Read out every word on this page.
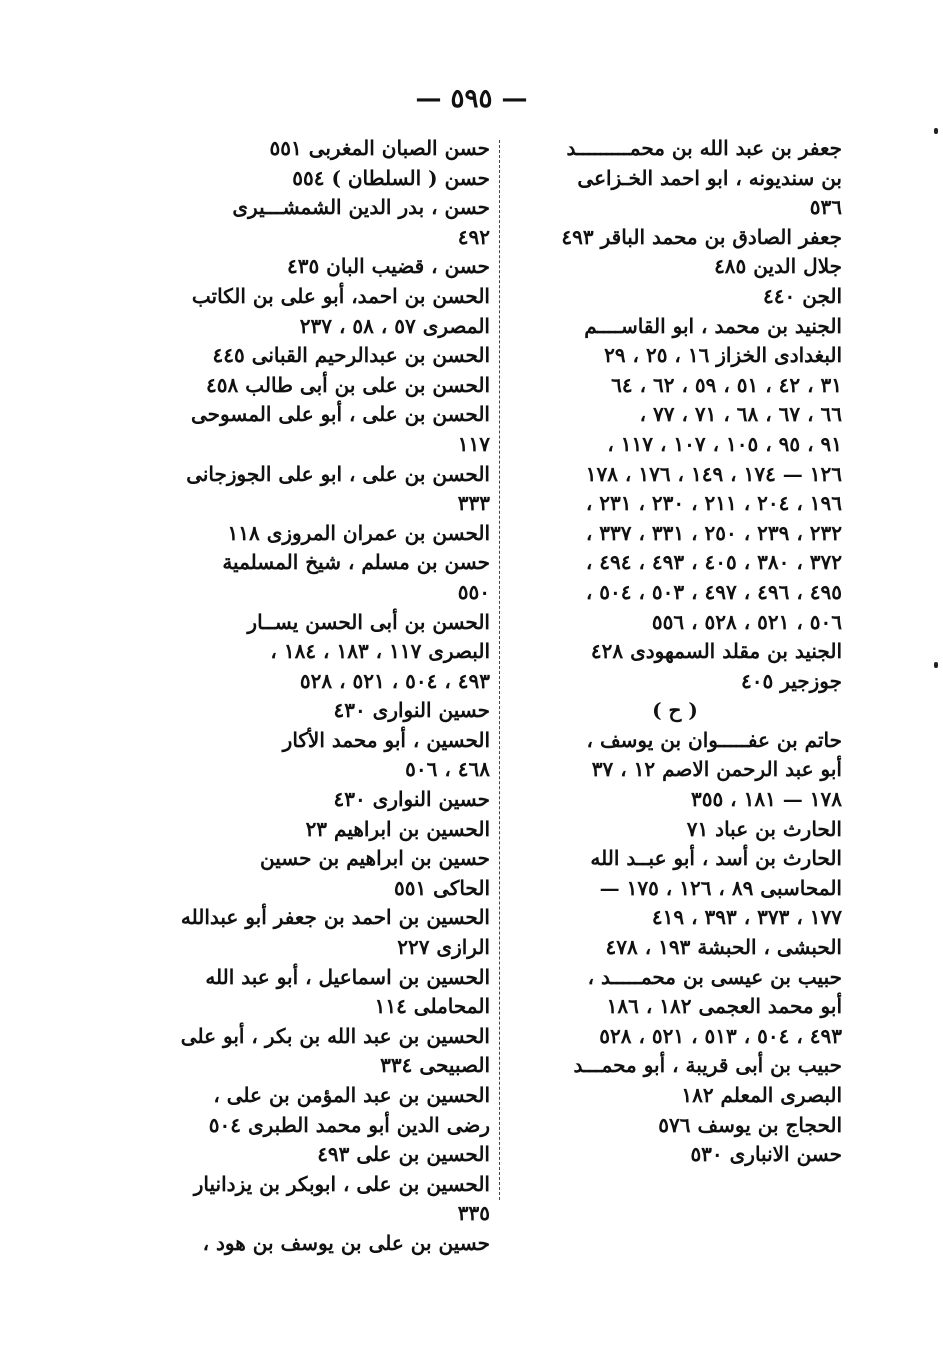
— ٥٩٥ —
جعفر بن عبد الله بن محمـــــــــد
بن سنديونه ، ابو احمد الخـزاعى
٥٣٦
جعفر الصادق بن محمد الباقر ٤٩٣
جلال الدين ٤٨٥
الجن ٤٤٠
الجنيد بن محمد ، ابو القاســــم
البغدادى الخزاز ١٦ ، ٢٥ ، ٢٩
٣١ ، ٤٢ ، ٥١ ، ٥٩ ، ٦٢ ، ٦٤
٦٦ ، ٦٧ ، ٦٨ ، ٧١ ، ٧٧ ،
٩١ ، ٩٥ ، ١٠٥ ، ١٠٧ ، ١١٧ ،
١٢٦ — ١٧٤ ، ١٤٩ ، ١٧٦ ، ١٧٨
١٩٦ ، ٢٠٤ ، ٢١١ ، ٢٣٠ ، ٢٣١ ،
٢٣٢ ، ٢٣٩ ، ٢٥٠ ، ٣٣١ ، ٣٣٧ ،
٣٧٢ ، ٣٨٠ ، ٤٠٥ ، ٤٩٣ ، ٤٩٤ ،
٤٩٥ ، ٤٩٦ ، ٤٩٧ ، ٥٠٣ ، ٥٠٤ ،
٥٠٦ ، ٥٢١ ، ٥٢٨ ، ٥٥٦
الجنيد بن مقلد السمهودى ٤٢٨
جوزجير ٤٠٥
( ح )
حاتم بن عفـــــوان بن يوسف ،
أبو عبد الرحمن الاصم ١٢ ، ٣٧
١٧٨ — ١٨١ ، ٣٥٥
الحارث بن عباد ٧١
الحارث بن أسد ، أبو عبــد الله
المحاسبى ٨٩ ، ١٢٦ ، ١٧٥ —
١٧٧ ، ٣٧٣ ، ٣٩٣ ، ٤١٩
الحبشى ، الحبشة ١٩٣ ، ٤٧٨
حبيب بن عيسى بن محمـــــد ،
أبو محمد العجمى ١٨٢ ، ١٨٦
٤٩٣ ، ٥٠٤ ، ٥١٣ ، ٥٢١ ، ٥٢٨
حبيب بن أبى قريبة ، أبو محمـــد
البصرى المعلم ١٨٢
الحجاج بن يوسف ٥٧٦
حسن الانبارى ٥٣٠
حسن الصبان المغربى ٥٥١
حسن ( السلطان ) ٥٥٤
حسن ، بدر الدين الشمشـــيرى
٤٩٢
حسن ، قضيب البان ٤٣٥
الحسن بن احمد، أبو على بن الكاتب
المصرى ٥٧ ، ٥٨ ، ٢٣٧
الحسن بن عبدالرحيم القبانى ٤٤٥
الحسن بن على بن أبى طالب ٤٥٨
الحسن بن على ، أبو على المسوحى
١١٧
الحسن بن على ، ابو على الجوزجانى
٣٣٣
الحسن بن عمران المروزى ١١٨
حسن بن مسلم ، شيخ المسلمية
٥٥٠
الحسن بن أبى الحسن يســار
البصرى ١١٧ ، ١٨٣ ، ١٨٤ ،
٤٩٣ ، ٥٠٤ ، ٥٢١ ، ٥٢٨
حسين النوارى ٤٣٠
الحسين ، أبو محمد الأكار
٤٦٨ ، ٥٠٦
حسين النوارى ٤٣٠
الحسين بن ابراهيم ٢٣
حسين بن ابراهيم بن حسين
الحاكى ٥٥١
الحسين بن احمد بن جعفر أبو عبدالله
الرازى ٢٢٧
الحسين بن اسماعيل ، أبو عبد الله
المحاملى ١١٤
الحسين بن عبد الله بن بكر ، أبو على
الصبيحى ٣٣٤
الحسين بن عبد المؤمن بن على ،
رضى الدين أبو محمد الطبرى ٥٠٤
الحسين بن على ٤٩٣
الحسين بن على ، ابوبكر بن يزدانيار
٣٣٥
حسين بن على بن يوسف بن هود ،
